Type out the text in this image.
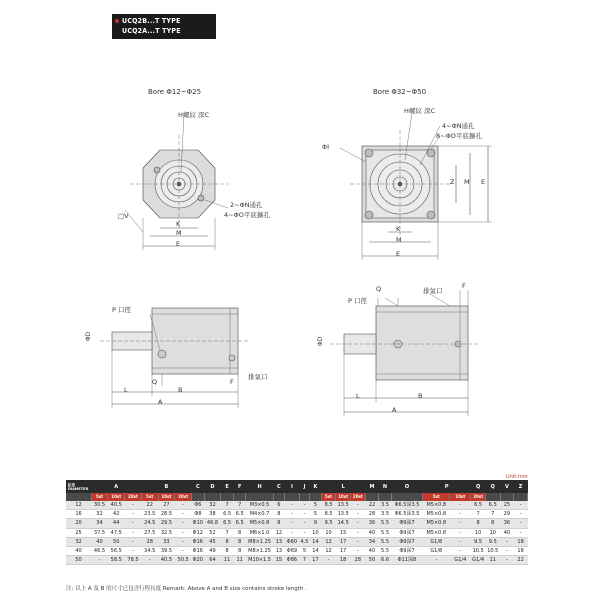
UCQ2B...T TYPE
UCQ2A...T TYPE
Bore Φ12~Φ25
H螺紋 深C
2~ΦN通孔
4~ΦO平底擴孔
□V
K
M
E
Bore Φ32~Φ50
H螺紋 深C
4~ΦN通孔
8~ΦO平底擴孔
ΦI
Z M E
K
M
E
P 口徑
ΦD
Q	F
排氣口
L	B
A
P 口徑
Q	排氣口
F
ΦD
L	B
A
Unit:mm
缸徑
DIAMETER	A			B			C	D	E	F	H	C	I	J	K	L			M	N	O	P		Q	Q	V	Z
	5st	10st	20st	5st	10st	20st										5st	10st	20st				5st	10st	20st			
12	30.5	40.5	-	22	27	-	Φ6	32	7	7	M3×0.5	6	-	-	5	8.5	13.5	-	22	3.5	Φ6.5深3.5	M5×0.8	-	6.5	6.5	25	-
16	32	42	-	23.5	28.5	-	Φ8	38	6.5	6.5	M4×0.7	8	-	-	5	8.5	13.5	-	28	3.5	Φ6.5深3.5	M5×0.8	-	7	7	29	-
20	34	44	-	24.5	29.5	-	Φ10	46.8	6.5	6.5	M5×0.8	8	-	-	9	9.5	14.5	-	36	5.5	Φ9深7	M5×0.8	-	8	8	36	-
25	37.5	47.5	-	27.5	32.5	-	Φ12	52	7	8	M6×1.0	12	-	-	10	10	15	-	40	5.5	Φ9深7	M5×0.8	-	10	10	40	-
32	40	50	-	28	33	-	Φ16	45	8	8	M8×1.25	13	Φ60	4.5	14	12	17	-	34	5.5	Φ9深7	G1/8	-	9.5	9.5	-	18
40	46.5	56.5	-	34.5	39.5	-	Φ16	49	8	8	M8×1.25	13	Φ69	5	14	12	17	-	40	5.5	Φ9深7	G1/8	-	10.5	10.5	-	18
50	-	58.5	78.5	-	40.5	50.5	Φ20	64	11	11	M10×1.5	15	Φ86	7	17	-	18	28	50	6.6	Φ11深8	-	G1/4	G1/4	11	-	22
注: 以上 A 及 B 的尺寸已包含行程長度 Remark: Above A and B size contains stroke length .
